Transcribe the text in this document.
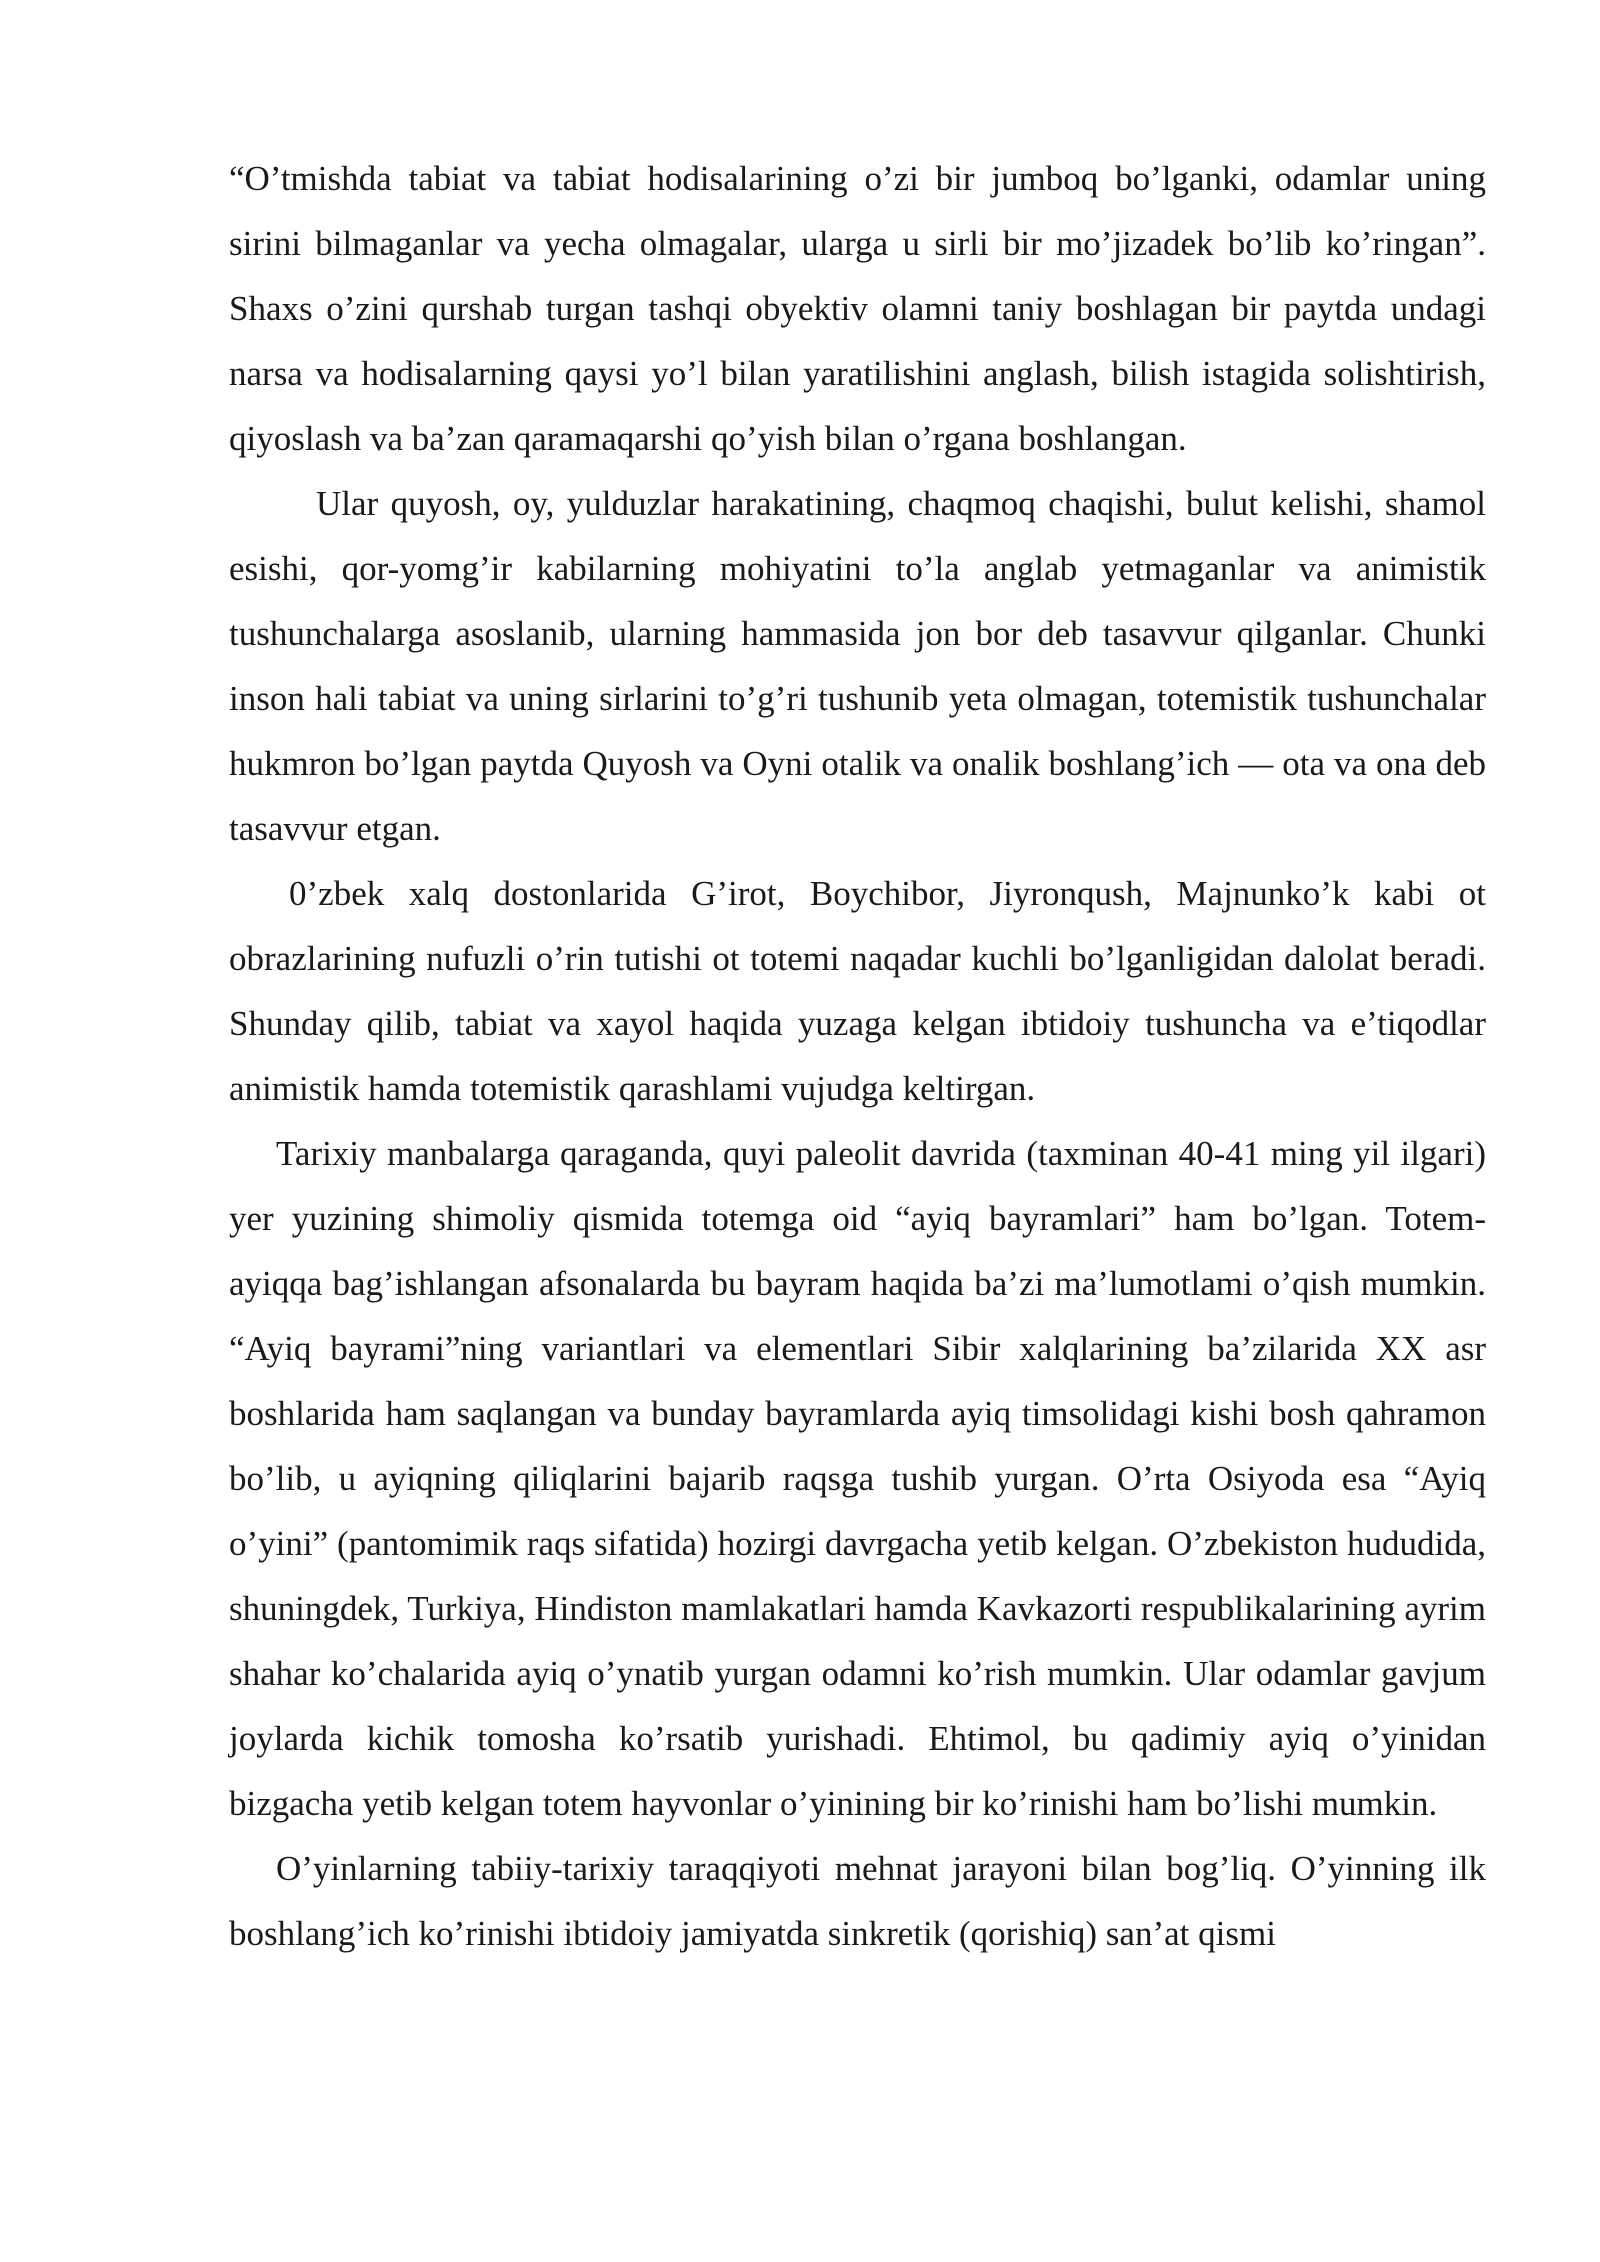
“O’tmishda tabiat va tabiat hodisalarining o’zi bir jumboq bo’lganki, odamlar uning sirini bilmaganlar va yecha olmagalar, ularga u sirli bir mo’jizadek bo’lib ko’ringan”. Shaxs o’zini qurshab turgan tashqi obyektiv olamni taniy boshlagan bir paytda undagi narsa va hodisalarning qaysi yo’l bilan yaratilishini anglash, bilish istagida solishtirish, qiyoslash va ba’zan qaramaqarshi qo’yish bilan o’rgana boshlangan.

Ular quyosh, oy, yulduzlar harakatining, chaqmoq chaqishi, bulut kelishi, shamol esishi, qor-yomg’ir kabilarning mohiyatini to’la anglab yetmaganlar va animistik tushunchalarga asoslanib, ularning hammasida jon bor deb tasavvur qilganlar. Chunki inson hali tabiat va uning sirlarini to’g’ri tushunib yeta olmagan, totemistik tushunchalar hukmron bo’lgan paytda Quyosh va Oyni otalik va onalik boshlang’ich — ota va ona deb tasavvur etgan.

0’zbek xalq dostonlarida G’irot, Boychibor, Jiyronqush, Majnunko’k kabi ot obrazlarining nufuzli o’rin tutishi ot totemi naqadar kuchli bo’lganligidan dalolat beradi. Shunday qilib, tabiat va xayol haqida yuzaga kelgan ibtidoiy tushuncha va e’tiqodlar animistik hamda totemistik qarashlami vujudga keltirgan.

Tarixiy manbalarga qaraganda, quyi paleolit davrida (taxminan 40-41 ming yil ilgari) yer yuzining shimoliy qismida totemga oid “ayiq bayramlari” ham bo’lgan. Totem-ayiqqa bag’ishlangan afsonalarda bu bayram haqida ba’zi ma’lumotlami o’qish mumkin. “Ayiq bayrami”ning variantlari va elementlari Sibir xalqlarining ba’zilarida XX asr boshlarida ham saqlangan va bunday bayramlarda ayiq timsolidagi kishi bosh qahramon bo’lib, u ayiqning qiliqlarini bajarib raqsga tushib yurgan. O’rta Osiyoda esa “Ayiq o’yini” (pantomimik raqs sifatida) hozirgi davrgacha yetib kelgan. O’zbekiston hududida, shuningdek, Turkiya, Hindiston mamlakatlari hamda Kavkazorti respublikalarining ayrim shahar ko’chalarida ayiq o’ynatib yurgan odamni ko’rish mumkin. Ular odamlar gavjum joylarda kichik tomosha ko’rsatib yurishadi. Ehtimol, bu qadimiy ayiq o’yinidan bizgacha yetib kelgan totem hayvonlar o’yinining bir ko’rinishi ham bo’lishi mumkin.

O’yinlarning tabiiy-tarixiy taraqqiyoti mehnat jarayoni bilan bog’liq. O’yinning ilk boshlang’ich ko’rinishi ibtidoiy jamiyatda sinkretik (qorishiq) san’at qismi
